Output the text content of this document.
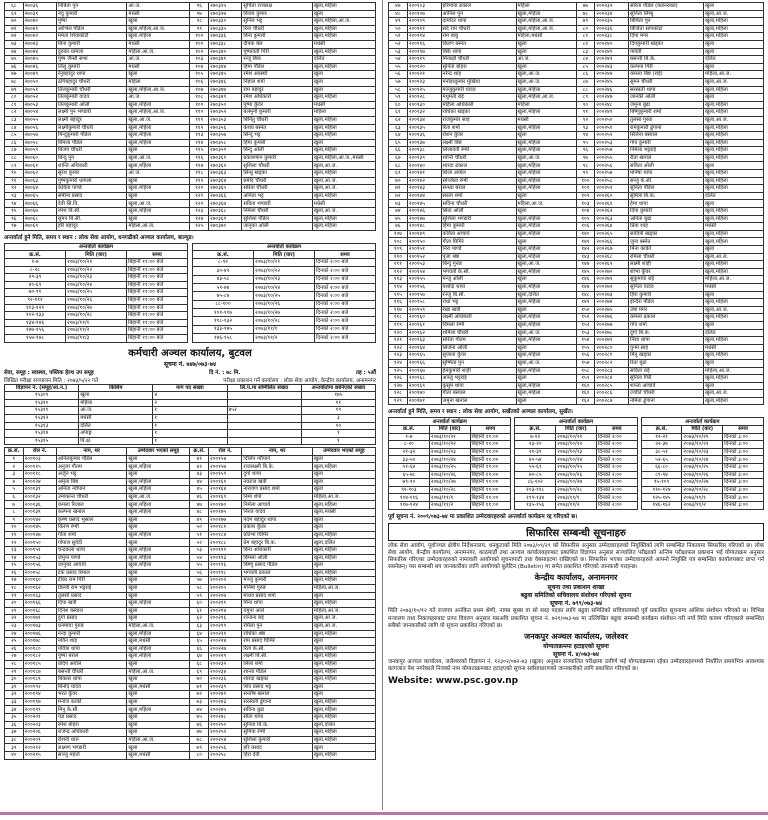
६८	२७०३६	निबिता पुन	आ.ज.	९६	२७०३२५	सुचिता राजलक्ष	खुला,महिला
६९	२७०३९	नयु कुमारी	मधेसी	९७	२७०३२७	बिजय कुमार	खुला
७०	२७०४०	पुष्पा	खुला	९८	२७०३३०	सुनिल भट्ट	खुला,महिला,आ.ज.
७१	२७०४१	आभिल पौडेल	खुला,महिला,आ.ज.	९९	२७०३३५	रिना चौधरी	खुला,महिला
७२	२७०४२	ममता शिवाकोटी	खुला,महिला	१००	२७०३३६	बिना कुमारी	खुला,महिला
७३	२७०४३	बिना कुमारी	मधेसी	१०१	२७०३३८	दीपक बेल	मधेसी
७४	२७०४४	दुरुका धामला	महिला,आ.ज.	१०२	२७०३४०	पुष्पावती गिरी	खुला,महिला
७५	२७०४५	पुष्प जैन्सी सभा	आ.ज.	१०३	२७०३४१	रन्जू बिक	दलित
७६	२७०४६	लिलु कुमारी	मधेसी	१०४	२७०३४४	हिमा पौडेल	खुला,महिला
७७	२७०४९	रेनुबहादुर थापा	खुला	१०५	२७०३४५	रमेश अवस्थी	खुला
७८	२७०५०	ठगिबहादुर चौधरी	महिला	१०६	२७०३४६	निहाल शर्मा	खुला
७९	२७०५१	तिलकुमारी चौधरी	खुला,महिला,आ.ज.	१०७	२७०३४७	राम बहादुर	खुला
८०	२७०५२	तिलकुमारी यादव	आ.ज.	१०८	२७०३४९	रमेश अधिकारी	खुला,महिला
८१	२७०५३	तिलकुमारी ओली	खुला,महिला	१०९	२७०३५०	पुष्पा कुँवर	मधेसी
८२	२७०५४	लक्ष्मी पुन भण्डारी	खुला,महिला,आ.ज.	११०	२७०३५२	बलमुनी कुमारी	महिला
८३	२७०५५	लक्ष्मी बहादुर	खुला,आ.ज.	१११	२७०३५३	बिनितु चौधरी	खुला,महिला
८४	२७०५६	लक्ष्मीकुमारी चौधरी	खुला,महिला	११२	२७०३५६	केशव बस्नेत	खुला,महिला
८५	२७०५७	मिन्दुकुमारी पौडेल	खुला,महिला	११३	२७०३५७	सिन्दु भट्ट	खुला,महिला
८६	२७०५८	बिमला पौडेल	खुला,महिला	११४	२७०३५८	हिमा कुमारी	खुला
८७	२७०५९	बिजय चौधरी	खुला	११५	२७०३५९	बिन्दु ओली	खुला,महिला
८८	२७०६०	बिन्दु पुन	खुला,आ.ज.	११६	२७०३६१	प्रकाशमान कुमारी	खुला,महिला,आ.ज.,मधेसी
८९	२७०६१	शान्ति अधिकारी	खुला,महिला	११७	२७०३६२	सुशिला चौधरी	खुला,आ.ज.
९०	२७०६२	सुरेश कुमार	आ.ज.	११८	२७०३६३	सिन्धु खड्का	खुला,महिला
९१	२७०६३	पुष्पकुमारी धामला	खुला	११९	२७०३६४	प्रमोद चौधरी	खुला,आ.ज.
९२	२७०६४	कविता पाण्डे	खुला,महिला	१२०	२७०३६५	सरिता चौधरी	खुला,आ.ज.
९३	२७०६५	समीना प्रसाद	खुला	१२१	२७०३६६	अनिता भट्ट	खुला,महिला
९४	२७०६६	देवी सिं.वि.	खुला,आ.ज.	१२२	२७०३६७	सविता भण्डारी	मधेसी
९५	२७०६७	रमेश बि.सी.	खुला,महिला	१२३	२७०३६८	निर्मला चौधरी	खुला,आ.ज.
९६	२७०६८	सुमन बि.सी.	खुला	१२४	२७०३६९	सुशिला पौडेल	खुला,महिला
९७	२७०६९	हरि बहादुर	महिला,आ.ज.	१२५	२७०३७०	जानुका ओली	खुला,महिला
अन्तर्वार्ता हुने मिति, समय र स्थान : लोक सेवा आयोग, धनगढीको अञ्चल कार्यालय, बाल्मुड।
अन्तर्वार्ता कार्यक्रम		
क्र.सं.	मिति (वार)	समय
१-७	२०७३/१०/२१	बिहानी ११:०० बजे
८-२८	२०७३/१०/२२	बिहानी ११:०० बजे
२९-३९	२०७३/१०/२३	बिहानी ११:०० बजे
४०-६९	२०७३/१०/२४	बिहानी ११:०० बजे
७०-९१	२०७३/१०/२५	बिहानी ११:०० बजे
९२-११२	२०७३/१०/२६	बिहानी ११:०० बजे
११३-१२१	२०७३/१०/२७	बिहानी ११:०० बजे
१२२-१३३	२०७३/१०/२८	बिहानी ११:०० बजे
१३४-१४६	२०७३/११/१	बिहानी ११:०० बजे
१४७-१५६	२०७३/११/२	बिहानी ११:०० बजे
१५७-१७८	२०७३/११/३	बिहानी ११:०० बजे
अन्तर्वार्ता कार्यक्रम		
क्र.सं.	मिति (वार)	समय
८-९२	२०७३/१०/२१	दिनको २:०० बजे
३०-४२	२०७३/१०/२२	दिनको २:०० बजे
४३-५८	२०७३/१०/२३	दिनको २:०० बजे
५९-७४	२०७३/१०/२४	दिनको २:०० बजे
७५-८७	२०७३/१०/२५	दिनको २:०० बजे
८८-१००	२०७३/१०/२६	दिनको २:०० बजे
१०१-११७	२०७३/१०/२७	दिनको २:०० बजे
११८-१३२	२०७३/१०/२८	दिनको २:०० बजे
१३३-१४५	२०७३/११/१	दिनको २:०० बजे
१४६-१५८	२०७३/११/२	दिनको २:०० बजे
कर्मचारी अञ्चल कार्यालय, बुटवल
सूचना नं. ७४७/०७३-७४
सेवा, समूह : स्वास्थ्य, पब्लिक हेल्थ उप समूह	दि नं. : ७८ मि.	तह : ५औं
लिखित परीक्षा सञ्चालन मिति : २०७३/५/२२ गते	परीक्षा प्रकाशन गर्ने कार्यालय : लोक सेवा आयोग, केन्द्रीय कार्यालय, अनामनगर
विज्ञापन नं. (समूह/आ.न.)	किसिम	माग पद संख्या	लि.प.मा सम्मिलित संख्या	अन्तर्वार्तामा छानिएको संख्या
१५३०९	खुला	४		१७५
१५३१०	महिला	२		११
१५३११	आ.ज.	१	४५२	१९
१५३१२	मधेसी	१		३
१५३१३	दलित	१		१०
१५३१४	अपाङ्ग	१		१
१५३१५	पि.क्षे.	१		१
क्र.सं.	रोल नं.	नाम, थर	उम्मेदवार भएको समूह	क्र.सं.	रोल नं.	नाम, थर	उम्मेदवार भएको समूह
१	२००१०३	अनिलकुमार पौडेल	खुला	४१	२००१५४	दिलिप न्यौपाने	खुला
२	२००११५	अनुजा गौतम	खुला,महिला	४२	२००१५७	राजलक्ष्मी बि.के.	खुला,महिला
३	२००११८	अर्जुन भट्ट	खुला	४३	२००१५९	दुर्गा थापा	खुला
४	२००१२४	अमृता बिष्ट	खुला,महिला	४४	२००१६१	नवराज खत्री	खुला
५	२००१३१	अनिता न्यौपाने	खुला,महिला	४५	२००१६४	नारायण प्रसाद शर्मा	खुला
६	२००१३२	उमाकान्त चौधरी	खुला,आ.ज.	४६	२००१६९	निमा शेर्पा	महिला,आ.ज.
७	२००१३६	कमला रिजाल	खुला,महिला	४७	२००१७०	निर्मला आचार्य	खुला,महिला
८	२००१३९	कल्पना खनाल	खुला,महिला	४८	२००१७५	निरज यादव	खुला,मधेसी
९	२००१४२	कृष्ण प्रसाद भुसाल	खुला	४९	२००१७७	पदम बहादुर थापा	खुला
१०	२००१४५	किरण रेग्मी	खुला	५०	२००१८१	प्रकाश कुँवर	खुला
११	२००१४७	गीता शर्मा	खुला,महिला	५१	२००१८४	प्रतिभा घिमिरे	खुला,महिला
१२	२००१५०	गोपाल सुवेदी	खुला	५२	२००१८८	प्रेम बहादुर बि.क.	खुला,दलित
१३	२००१५१	चन्द्रकला थापा	खुला,महिला	५३	२००१९१	बिना अधिकारी	खुला,महिला
१४	२००१५३	जमुना पाण्डे	खुला,महिला	५४	२००१९३	बिमला ओली	खुला,महिला
१५	२००१५६	जानुका आचार्य	खुला,महिला	५५	२००१९६	बिष्णु प्रसाद पौडेल	खुला
१६	२००१५८	टंक प्रसाद रिमाल	खुला	५६	२००१९८	भगवती ढकाल	खुला,महिला
१७	२००१६०	टीका राम गिरी	खुला	५७	२००२०२	मञ्जु कुमारी	खुला,महिला
१८	२००१६२	डिल्ली राम भट्टराई	खुला	५८	२००२०५	मनिषा गुरुङ	महिला,आ.ज.
१९	२००१६३	तुलसी प्रसाद	खुला	५९	२००२०७	माधव प्रसाद शर्मा	खुला
२०	२००१६६	दिपा खत्री	खुला,महिला	६०	२००२११	मिना थापा	खुला,महिला
२१	२००१६८	दिनेश बस्याल	खुला	६१	२००२१४	यमुना आले	महिला,आ.ज.
२२	२००१७१	दुर्गा प्रसाद	खुला	६२	२००२१६	रञ्जना राई	खुला,आ.ज.
२३	२००१७३	धनमाया गुरुङ	महिला,आ.ज.	६३	२००२१९	रमिला पुन	खुला,आ.ज.
२४	२००१७६	नन्दा कुमारी	खुला,महिला	६४	२००२२१	राधिका श्रेष्ठ	खुला,महिला
२५	२००१७८	नविन शाह	खुला,मधेसी	६५	२००२२४	राम प्रसाद घिमिरे	खुला
२६	२००१८०	पवित्रा थापा	खुला,महिला	६६	२००२२७	रिता के.सी.	खुला,महिला
२७	२००१८२	पुष्पा बराल	खुला,महिला	६७	२००२२९	लक्ष्मी बि.सी.	खुला,महिला
२८	२००१८५	प्रदिप अर्याल	खुला	६८	२००२३२	लिला शर्मा	खुला,महिला
२९	२००१८७	बसन्ती चौधरी	महिला,आ.ज.	६९	२००२३४	शान्ता पौडेल	खुला,महिला
३०	२००१८९	बिकास थापा	खुला	७०	२००२३६	शारदा खड्का	खुला,महिला
३१	२००१९२	बिनोद यादव	खुला,मधेसी	७१	२००२३९	शिव प्रसाद भट्ट	खुला
३२	२००१९४	भरत कुँवर	खुला	७२	२००२४१	सन्तोष खनाल	खुला
३३	२००१९७	मनोज कार्की	खुला	७३	२००२४३	सरस्वती ढुंगाना	खुला,महिला
३४	२००१९९	मिनु के.सी.	खुला,महिला	७४	२००२४५	सविना बुढा	खुला,महिला
३५	२००२०१	यज्ञ प्रसाद	खुला	७५	२००२४८	सीता थापा	खुला,महिला
३६	२००२०३	रमेश बोहरा	खुला	७६	२००२५०	सुनिता बि.क.	खुला,दलित
३७	२००२०६	राजेन्द्र अधिकारी	खुला	७७	२००२५२	सुमित्रा रेग्मी	खुला,महिला
३८	२००२०९	रोशनी थारु	महिला,आ.ज.	७८	२००२५४	सुशिला कुमारी	खुला,महिला
३९	२००२१२	लक्ष्मण भण्डारी	खुला	७९	२००२५६	हरि प्रसाद	खुला
४०	२००२१५	सञ्जु महतो	खुला,मधेसी	८०	२००२५८	हिरा देवी	खुला,महिला
४७	२००१०३	हरिमाया ढकाल	महिला	७७	२००२३२	सरिता पौडेल (कडनरुक्त)	खुला
४८	२००१०७	आनिल पुन	खुला,महिला	७८	२००२३४	सुनिता लिम्बु	खुला,आ.ज.
४९	२००१०९	दामोदर थापा	खुला,महिला,आ.ज.	७९	२००२३५	बिमिता पुन	खुला,महिला
५०	२००१११	सदे राम चौधरी	खुला,महिला,आ.ज.	८०	२००२३६	बिजिता सापकोटा	खुला,महिला
५१	२००११४	राम बाबु	महिला,मधेसी	८१	२००२३८	दिपा मगर	खुला,महिला
५२	२००११६	किरण बस्नेत	खुला	८२	२००२४०	दिपकुमारी खड्का	खुला
५३	२००११७	बिके थापा	खुला	८३	२००२४१	पार्वती	खुला
५४	२००११९	मिनाक्षी चौधरी	आ.ज.	८४	२००२४२	बसन्ती बि.के.	दलित
५५	२००१२०	सुनिता बोहरा	खुला	८५	२००२४३	कल्पना गिरी	खुला
५६	२००१२१	नरेन्द्र शाह	खुला,आ.ज.	८६	२००२४४	कमला बिष्ट (राई)	महिला,आ.ज.
५७	२००१२३	मनोहरकुमार मुखिया	खुला,आ.ज.	८७	२००२४५	सुमन चौधरी	खुला,आ.ज.
५८	२००१२५	मञ्जुकुमारी यादव	खुला,महिला	८८	२००२४६	सरस्वती थापा	खुला,महिला
५९	२००१२८	मधुमती राई	खुला,महिला,आ.ज.	८९	२००२४७	जानकी ओली	खुला
६०	२००१३०	महिला अधिकारी	महिला	९०	२००२४८	जमुना बुढा	खुला,महिला
६१	२००१३२	राधिका खड्का	खुला,महिला	९१	२००२४९	बिष्णुकुमारी शर्मा	खुला,महिला
६२	२००१३४	राजकुमार साह	मधेसी	९२	२००२५०	तुलसा गुरुङ	खुला,आ.ज.
६३	२००१३५	रिता शर्मा	खुला,महिला	९३	२००२५१	रामकुमारी ढुंगाना	खुला,महिला
६४	२००१३६	रोशन कुँवर	खुला	९४	२००२५२	सिर्जना बस्याल	खुला,महिला
६५	२००१३७	लक्ष्मी बिष्ट	खुला,महिला	९५	२००२५३	गंगा कुमारी	खुला,महिला
६६	२००१३८	लिलावती रेग्मी	खुला,महिला	९६	२००२५४	निर्मला भट्टराई	खुला,महिला
६७	२००१३९	शान्ति चौधरी	खुला,आ.ज.	९७	२००२५५	रीता खनाल	खुला,महिला
६८	२००१४०	शारदा ढकाल	खुला,महिला	९८	२००२५६	सविता ओली	खुला
६९	२००१४१	शिला अर्याल	खुला,महिला	९९	२००२५७	मनिषा थापा	खुला,महिला
७०	२००१४२	सञ्जिता रेग्मी	खुला,महिला	१००	२००२५८	सन्जु के.सी.	खुला,महिला
७१	२००१४३	सन्ध्या बराल	खुला,महिला	१०१	२००२५९	सुनिता पौडेल	खुला,महिला
७२	२००१४४	सरला शर्मा	खुला	१०२	२००२६०	सुमित्रा बि.क.	दलित
७३	२००१४५	सविना चौधरी	महिला,आ.ज.	१०३	२००२६१	हेमा थापा	खुला
७४	२००१४६	सिता ओली	खुला	१०४	२००२६२	दिपा कुमारी	खुला,महिला
७५	२००१४७	सुशिला भण्डारी	खुला,महिला	१०५	२००२६३	अनिता बुढा	खुला,महिला
७६	२००१४८	हिमा कुमारी	खुला,महिला	१०६	२००२६४	प्रिया शाह	मधेसी
१०७	२००१४९	कविता आचार्य	खुला,महिला	१४०	२००२६५	सावित्री खड्का	खुला,महिला
१०८	२००१५०	गीता घिमिरे	खुला	१४१	२००२६६	जुना बस्नेत	खुला,महिला
१०९	२००१५१	निरा पाण्डे	खुला,महिला	१४२	२००२६७	मिना कार्की	खुला
११०	२००१५२	पूजा श्रेष्ठ	खुला,महिला	१४३	२००२६८	रमिला चौधरी	खुला,आ.ज.
१११	२००१५३	बिन्दु गुरुङ	खुला,आ.ज.	१४४	२००२६९	लक्ष्मी शाही	खुला,महिला
११२	२००१५४	भगवती के.सी.	खुला,महिला	१४५	२००२७०	शोभा कुँवर	खुला,महिला
११३	२००१५५	मन्जु ओली	खुला	१४६	२००२७१	सुकुमाया राई	महिला,आ.ज.
११४	२००१५६	यशोदा थापा	खुला,महिला	१४७	२००२७२	सुनिता यादव	मधेसी
११५	२००१५७	रञ्जु बि.सी.	खुला,दलित	१४८	२००२७३	हिरा कुमारी	खुला
११६	२००१५८	राधा भट्ट	खुला,महिला	१४९	२००२७४	इन्दिरा पौडेल	खुला,महिला
११७	२००१५९	रेखा खत्री	खुला	१५०	२००२७५	उषा मगर	खुला,आ.ज.
११८	२००१६०	लक्ष्मी अधिकारी	खुला,महिला	१५१	२००२७६	कमला ढकाल	खुला,महिला
११९	२००१६१	विमला रेग्मी	खुला,महिला	१५२	२००२७७	गंगा शर्मा	खुला
१२०	२००१६२	शर्मिला चौधरी	खुला,आ.ज.	१५३	२००२७८	दुर्गा बि.क.	दलित
१२१	२००१६३	सरिता गौतम	खुला,महिला	१५४	२००२७९	निशा थापा	खुला,महिला
१२२	२००१६४	सिर्जना ओली	खुला	१५५	२००२८०	पुनम साह	मधेसी
१२३	२००१६५	सुजाता कुँवर	खुला,महिला	१५६	२००२८१	मिनु खड्का	खुला,महिला
१२४	२००१६६	सुष्मिता पुन	खुला,आ.ज.	१५७	२००२८२	रिता बुढा	खुला
१२५	२००१६७	हेमकुमारी शाही	खुला,महिला	१५८	२००२८३	सविता राई	महिला,आ.ज.
१२६	२००१६८	अञ्जु भट्टराई	खुला	१५९	२००२८४	सुनिता गिरी	खुला,महिला
१२७	२००१६९	कुसुम थापा	खुला,महिला	१६०	२००२८५	शान्ता आचार्य	खुला
१२८	२००१७०	गीता बस्याल	खुला,महिला	१६१	२००२८६	ज्योति चौधरी	खुला,आ.ज.
१२९	२००१७१	जमुना खनाल	खुला	१६२	२००२८७	नमिता ढुंगाना	खुला,महिला
अन्तर्वार्ता हुने मिति, समय र स्थान : लोक सेवा आयोग, सर्खेतको अञ्चल कार्यालय, सुर्खेत।
अन्तर्वार्ता कार्यक्रम		
क्र.सं.	मिति (वार)	समय
१-७	२०७३/१०/२१	बिहानी ११:००
८-२०	२०७३/१०/२२	बिहानी ११:००
२१-३२	२०७३/१०/२३	बिहानी ११:००
३३-५०	२०७३/१०/२४	बिहानी ११:००
५१-६४	२०७३/१०/२५	बिहानी ११:००
६५-७८	२०७३/१०/२६	बिहानी ११:००
७९-९०	२०७३/१०/२७	बिहानी ११:००
९१-१०३	२०७३/१०/२८	बिहानी ११:००
१०४-११६	२०७३/११/१	बिहानी ११:००
११७-१२४	२०७३/११/२	बिहानी ११:००
अन्तर्वार्ता कार्यक्रम		
क्र.सं.	मिति (वार)	समय
७-१२	२०७३/१०/२१	दिनको २:००
१३-२०	२०७३/१०/२२	दिनको २:००
२१-३९	२०७३/१०/२३	दिनको २:००
४०-५४	२०७३/१०/२४	दिनको २:००
५५-६९	२०७३/१०/२५	दिनको २:००
७०-८५	२०७३/१०/२६	दिनको २:००
८६-१०२	२०७३/१०/२७	दिनको २:००
१०३-११८	२०७३/१०/२८	दिनको २:००
११९-१३४	२०७३/११/१	दिनको २:००
१३५-१५६	२०७३/११/२	दिनको २:००
अन्तर्वार्ता कार्यक्रम		
क्र.सं.	मिति (वार)	समय
१२-२१	२०७३/१०/२१	दिनको ३:००
२२-३७	२०७३/१०/२२	दिनको ३:००
३८-५१	२०७३/१०/२३	दिनको ३:००
५२-६५	२०७३/१०/२४	दिनको ३:००
६६-८०	२०७३/१०/२५	दिनको ३:००
८१-९४	२०७३/१०/२६	दिनको ३:००
९५-१०९	२०७३/१०/२७	दिनको ३:००
११०-१२४	२०७३/१०/२८	दिनको ३:००
१२५-१४५	२०७३/११/१	दिनको ३:००
१४६-१६२	२०७३/११/२	दिनको ३:००
पूर्व सूचना नं. २००९/०७३-७४ मा प्रकाशित उम्मेदवारहरुको अन्तर्वार्ता कार्यक्रम रद्द गरिएको छ।
सिफारिस सम्बन्धी सूचनाहरु
लोक सेवा आयोग, पूर्वाञ्चल क्षेत्रीय निर्देशनालय, धनकुटाको मिति २०७३/०९/२९ को सिफारिस अनुसार उम्मेदवारहरुको नियुक्तिको लागि सम्बन्धित निकायमा सिफारिस गरिएको छ। लोक सेवा आयोग, केन्द्रीय कार्यालय, अनामनगर, काठमाडौं तथा अञ्चल कार्यालयहरुबाट प्रकाशित विज्ञापन अनुसार सञ्चालित परीक्षाको अन्तिम परीक्षाफल प्रकाशन भई योग्यताक्रम अनुसार सिफारिस गरिएका उम्मेदवारहरुको नामावली आयोगको सूचनापाटी तथा वेबसाइटमा राखिएको छ। सिफारिस भएका उम्मेदवारहरुले आफ्नो नियुक्ति पत्र सम्बन्धित कार्यालयबाट प्राप्त गर्न सक्नेछन्। यस सम्बन्धी थप जानकारीका लागि आयोगको बुलेटिन (Bulletin) मा समेत प्रकाशित गरिएको जानकारी गराइन्छ।
केन्द्रीय कार्यालय, अनामनगर
सूचना तथा प्रकाशन शाखा
बढुवा समितिको सचिवालय संशोधन गरिएको सूचना
सूचना नं. ७९९/०७३-७४
मिति २०७३/१०/१२ गते राजपत्र अनंकित प्रथम श्रेणी, नायब सुब्बा वा सो सरह पदका लागि बढुवा समितिको सचिवालयको पूर्व प्रकाशित सूचनामा आंशिक संशोधन गरिएको छ। विभिन्न मन्त्रालय तथा निकायहरुबाट प्राप्त विवरण अनुसार यसअघि प्रकाशित सूचना नं. ७२१/०७३-७४ मा उल्लिखित बढुवा सम्बन्धी कार्यक्रम संशोधन गरी नयाँ मिति कायम गरिएकाले सम्बन्धित सबैको जानकारीको लागि यो सूचना प्रकाशित गरिएको छ।
जनकपुर अञ्चल कार्यालय, जलेश्वर
योग्यताक्रममा हटाइएको सूचना
सूचना नं. ४/०७३-७४
जनकपुर अञ्चल कार्यालय, जलेश्वरको विज्ञापन नं. १२३०२/०७२-७३ (खुला) अनुसार सञ्चालित परीक्षामा उत्तीर्ण भई योग्यताक्रममा रहेका उम्मेदवारहरुमध्ये निर्धारित समयभित्र आवश्यक कागजात पेश नगरेकाले निजको नाम योग्यताक्रमबाट हटाइएको सूचना सर्वसाधारणको जानकारीको लागि प्रकाशित गरिएको छ।
Website: www.psc.gov.np
